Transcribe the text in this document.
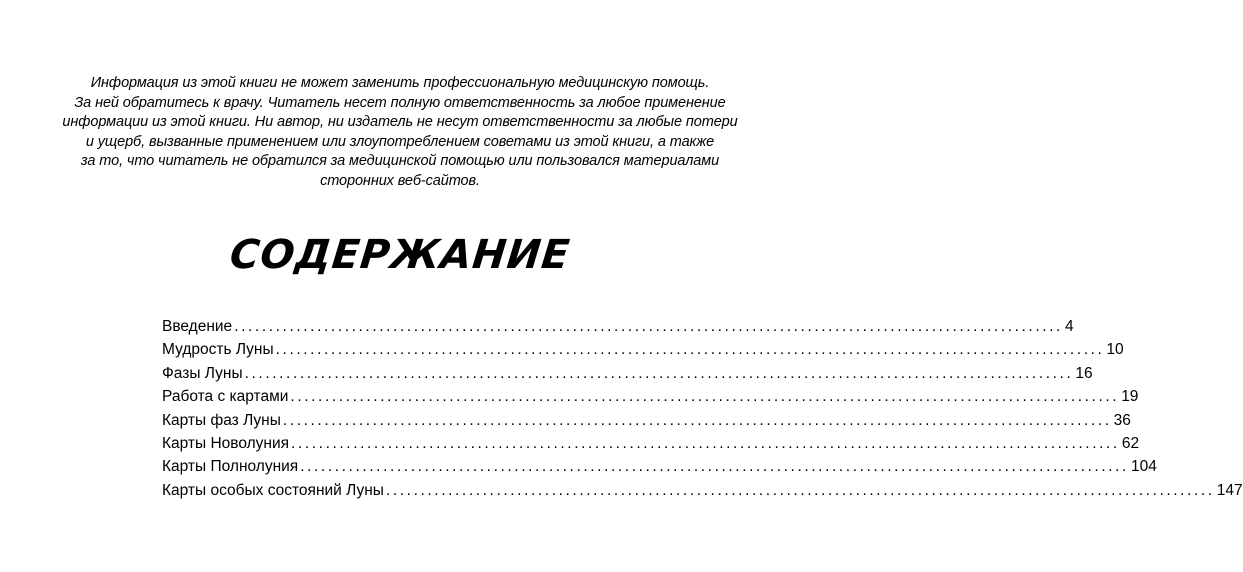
Информация из этой книги не может заменить профессиональную медицинскую помощь.
За ней обратитесь к врачу. Читатель несет полную ответственность за любое применение
информации из этой книги. Ни автор, ни издатель не несут ответственности за любые потери
и ущерб, вызванные применением или злоупотреблением советами из этой книги, а также
за то, что читатель не обратился за медицинской помощью или пользовался материалами
сторонних веб-сайтов.
СОДЕРЖАНИЕ
Введение ........................................................................................................................ 4
Мудрость Луны ........................................................................................................................ 10
Фазы Луны ........................................................................................................................ 16
Работа с картами ........................................................................................................................ 19
Карты фаз Луны ........................................................................................................................ 36
Карты Новолуния ........................................................................................................................ 62
Карты Полнолуния ........................................................................................................................ 104
Карты особых состояний Луны ........................................................................................................................ 147
